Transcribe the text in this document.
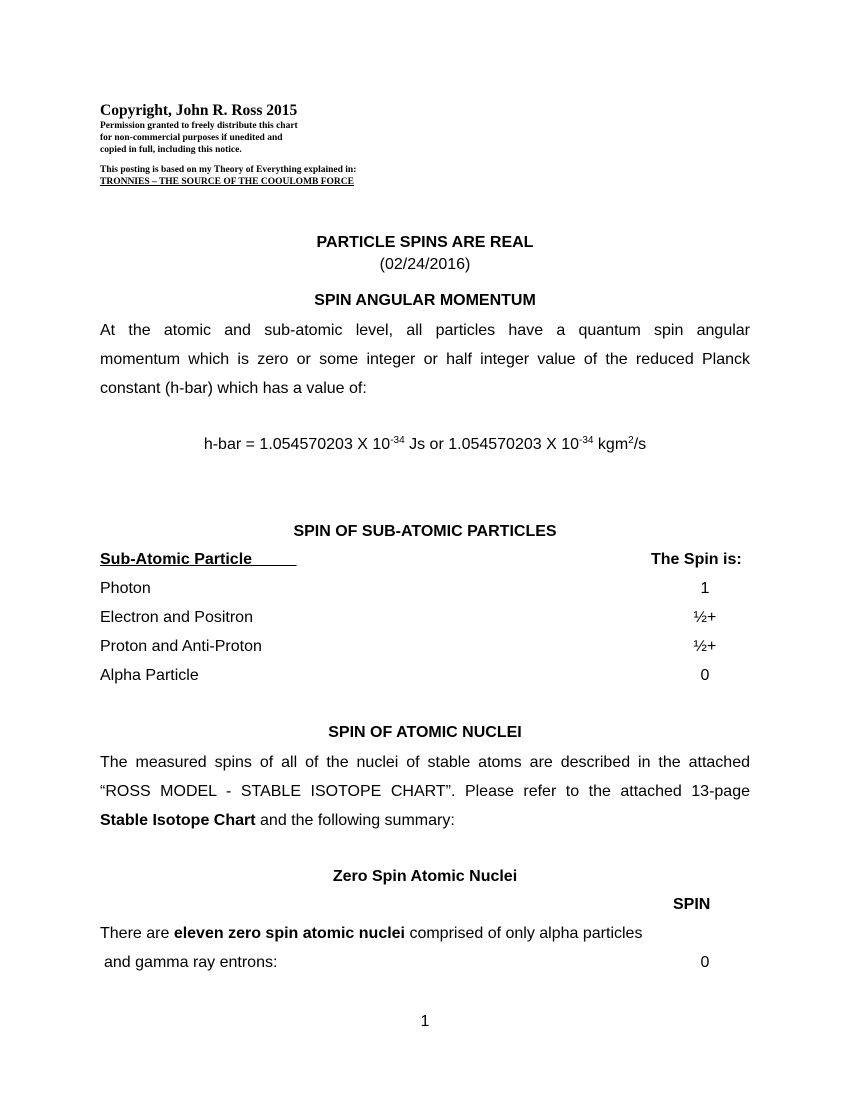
Copyright, John R. Ross 2015
Permission granted to freely distribute this chart
for non-commercial purposes if unedited and
copied in full, including this notice.
This posting is based on my Theory of Everything explained in:
TRONNIES – THE SOURCE OF THE COOULOMB FORCE
PARTICLE SPINS ARE REAL
(02/24/2016)
SPIN ANGULAR MOMENTUM
At the atomic and sub-atomic level, all particles have a quantum spin angular
momentum which is zero or some integer or half integer value of the reduced Planck
constant (h-bar) which has a value of:
h-bar = 1.054570203 X $10^{-34}$ Js or 1.054570203 X $10^{-34}$ kgm$^2$/s
SPIN OF SUB-ATOMIC PARTICLES
Sub-Atomic Particle	The Spin is:
Photon	1
Electron and Positron	½+
Proton and Anti-Proton	½+
Alpha Particle	0
SPIN OF ATOMIC NUCLEI
The measured spins of all of the nuclei of stable atoms are described in the attached
“ROSS MODEL - STABLE ISOTOPE CHART”. Please refer to the attached 13-page
Stable Isotope Chart and the following summary:
Zero Spin Atomic Nuclei
SPIN
There are eleven zero spin atomic nuclei comprised of only alpha particles
and gamma ray entrons:	0
1
